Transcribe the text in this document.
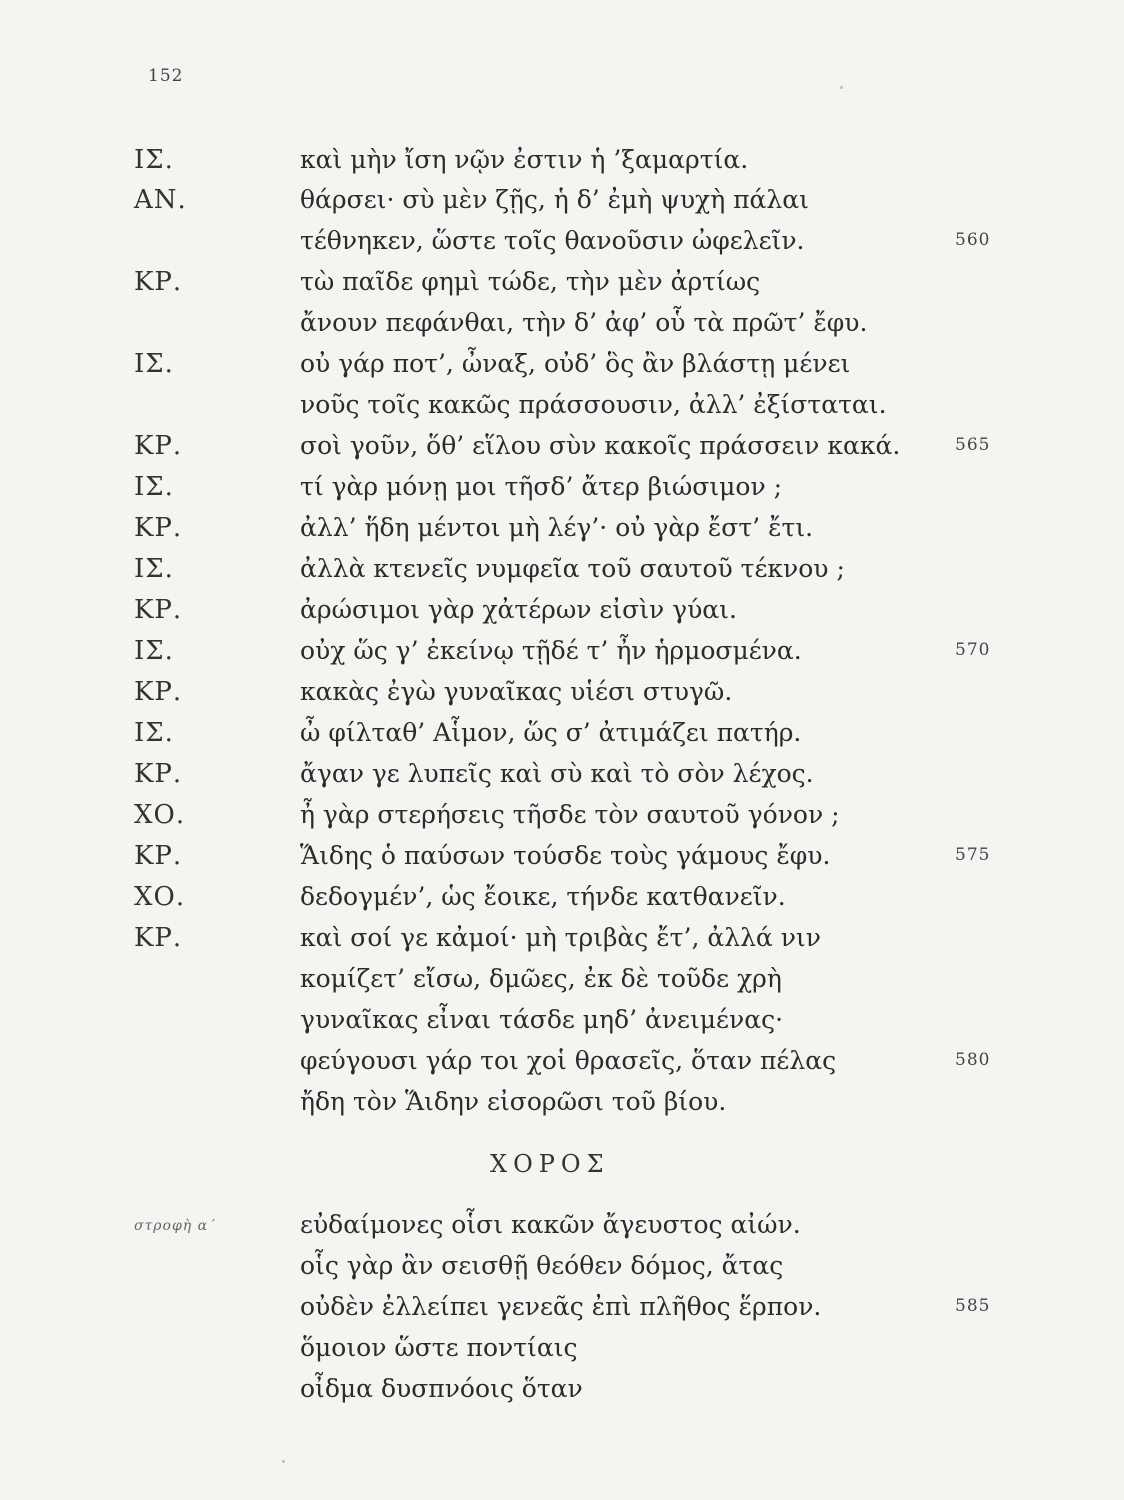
152
ΙΣ.	καὶ μὴν ἴση νῷν ἐστιν ἡ ’ξαμαρτία.
ΑΝ.	θάρσει· σὺ μὲν ζῇς, ἡ δ’ ἐμὴ ψυχὴ πάλαι
τέθνηκεν, ὥστε τοῖς θανοῦσιν ὠφελεῖν.	560
ΚΡ.	τὼ παῖδε φημὶ τώδε, τὴν μὲν ἀρτίως
ἄνουν πεφάνθαι, τὴν δ’ ἀφ’ οὗ τὰ πρῶτ’ ἔφυ.
ΙΣ.	οὐ γάρ ποτ’, ὦναξ, οὐδ’ ὃς ἂν βλάστῃ μένει
νοῦς τοῖς κακῶς πράσσουσιν, ἀλλ’ ἐξίσταται.
ΚΡ.	σοὶ γοῦν, ὅθ’ εἵλου σὺν κακοῖς πράσσειν κακά.	565
ΙΣ.	τί γὰρ μόνῃ μοι τῆσδ’ ἄτερ βιώσιμον ;
ΚΡ.	ἀλλ’ ἥδη μέντοι μὴ λέγ’· οὐ γὰρ ἔστ’ ἔτι.
ΙΣ.	ἀλλὰ κτενεῖς νυμφεῖα τοῦ σαυτοῦ τέκνου ;
ΚΡ.	ἀρώσιμοι γὰρ χἀτέρων εἰσὶν γύαι.
ΙΣ.	οὐχ ὥς γ’ ἐκείνῳ τῇδέ τ’ ἦν ἡρμοσμένα.	570
ΚΡ.	κακὰς ἐγὼ γυναῖκας υἱέσι στυγῶ.
ΙΣ.	ὦ φίλταθ’ Αἷμον, ὥς σ’ ἀτιμάζει πατήρ.
ΚΡ.	ἄγαν γε λυπεῖς καὶ σὺ καὶ τὸ σὸν λέχος.
ΧΟ.	ἦ γὰρ στερήσεις τῆσδε τὸν σαυτοῦ γόνον ;
ΚΡ.	Ἅιδης ὁ παύσων τούσδε τοὺς γάμους ἔφυ.	575
ΧΟ.	δεδογμέν’, ὡς ἔοικε, τήνδε κατθανεῖν.
ΚΡ.	καὶ σοί γε κἀμοί· μὴ τριβὰς ἔτ’, ἀλλά νιν
κομίζετ’ εἴσω, δμῶες, ἐκ δὲ τοῦδε χρὴ
γυναῖκας εἶναι τάσδε μηδ’ ἀνειμένας·
φεύγουσι γάρ τοι χοἱ θρασεῖς, ὅταν πέλας	580
ἤδη τὸν Ἅιδην εἰσορῶσι τοῦ βίου.
ΧΟΡΟΣ
στροφὴ α΄	εὐδαίμονες οἷσι κακῶν ἄγευστος αἰών.
οἷς γὰρ ἂν σεισθῇ θεόθεν δόμος, ἄτας
οὐδὲν ἐλλείπει γενεᾶς ἐπὶ πλῆθος ἕρπον.	585
ὅμοιον ὥστε ποντίαις
οἶδμα δυσπνόοις ὅταν
